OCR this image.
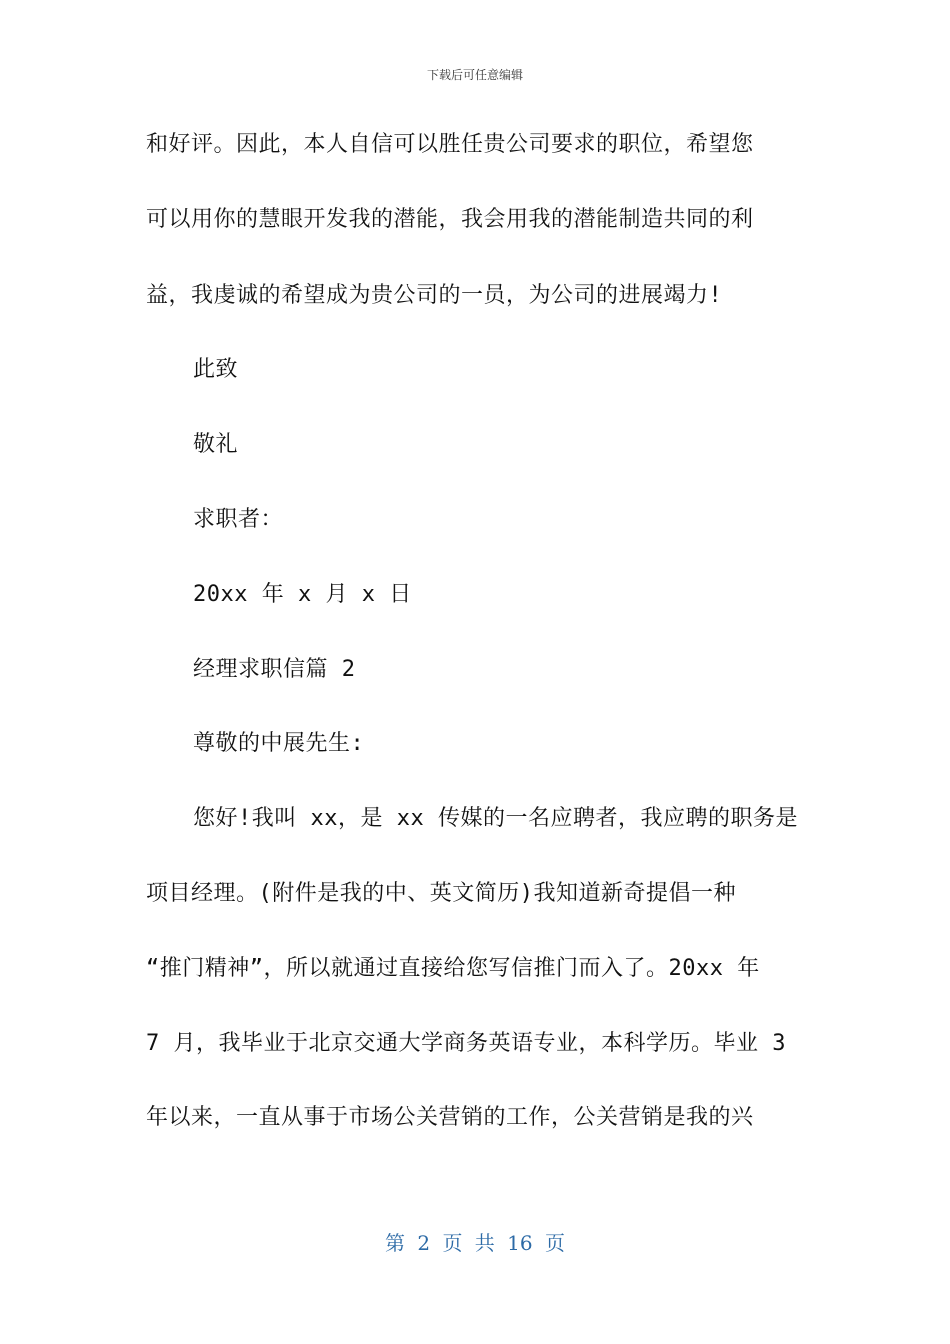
下载后可任意编辑
和好评。因此，本人自信可以胜任贵公司要求的职位，希望您
可以用你的慧眼开发我的潜能，我会用我的潜能制造共同的利
益，我虔诚的希望成为贵公司的一员，为公司的进展竭力!
此致
敬礼
求职者：
20xx 年 x 月 x 日
经理求职信篇 2
尊敬的中展先生:
您好!我叫 xx，是 xx 传媒的一名应聘者，我应聘的职务是
项目经理。(附件是我的中、英文简历)我知道新奇提倡一种
“推门精神”，所以就通过直接给您写信推门而入了。20xx 年
7 月，我毕业于北京交通大学商务英语专业，本科学历。毕业 3
年以来，一直从事于市场公关营销的工作，公关营销是我的兴
第 2 页 共 16 页
